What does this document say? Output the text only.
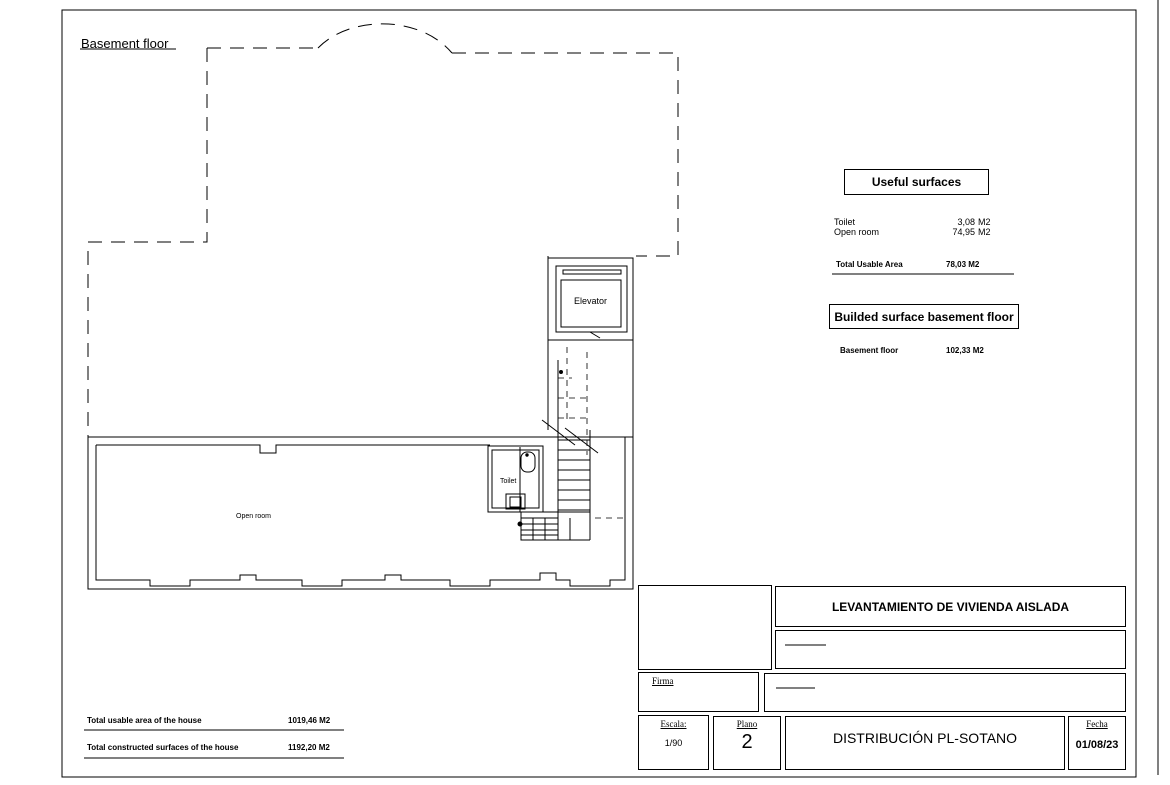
Basement floor
Open room
Toilet
Elevator
Useful surfaces
Toilet	3,08 M2
Open room	74,95 M2
Total Usable Area	78,03 M2
Builded surface basement floor
Basement floor	102,33 M2
Total usable area of the house	1019,46 M2
Total constructed surfaces of the house	1192,20 M2
LEVANTAMIENTO DE VIVIENDA AISLADA
Firma
Escala:
1/90
Plano
2	DISTRIBUCIÓN PL-SOTANO
Fecha
01/08/23
